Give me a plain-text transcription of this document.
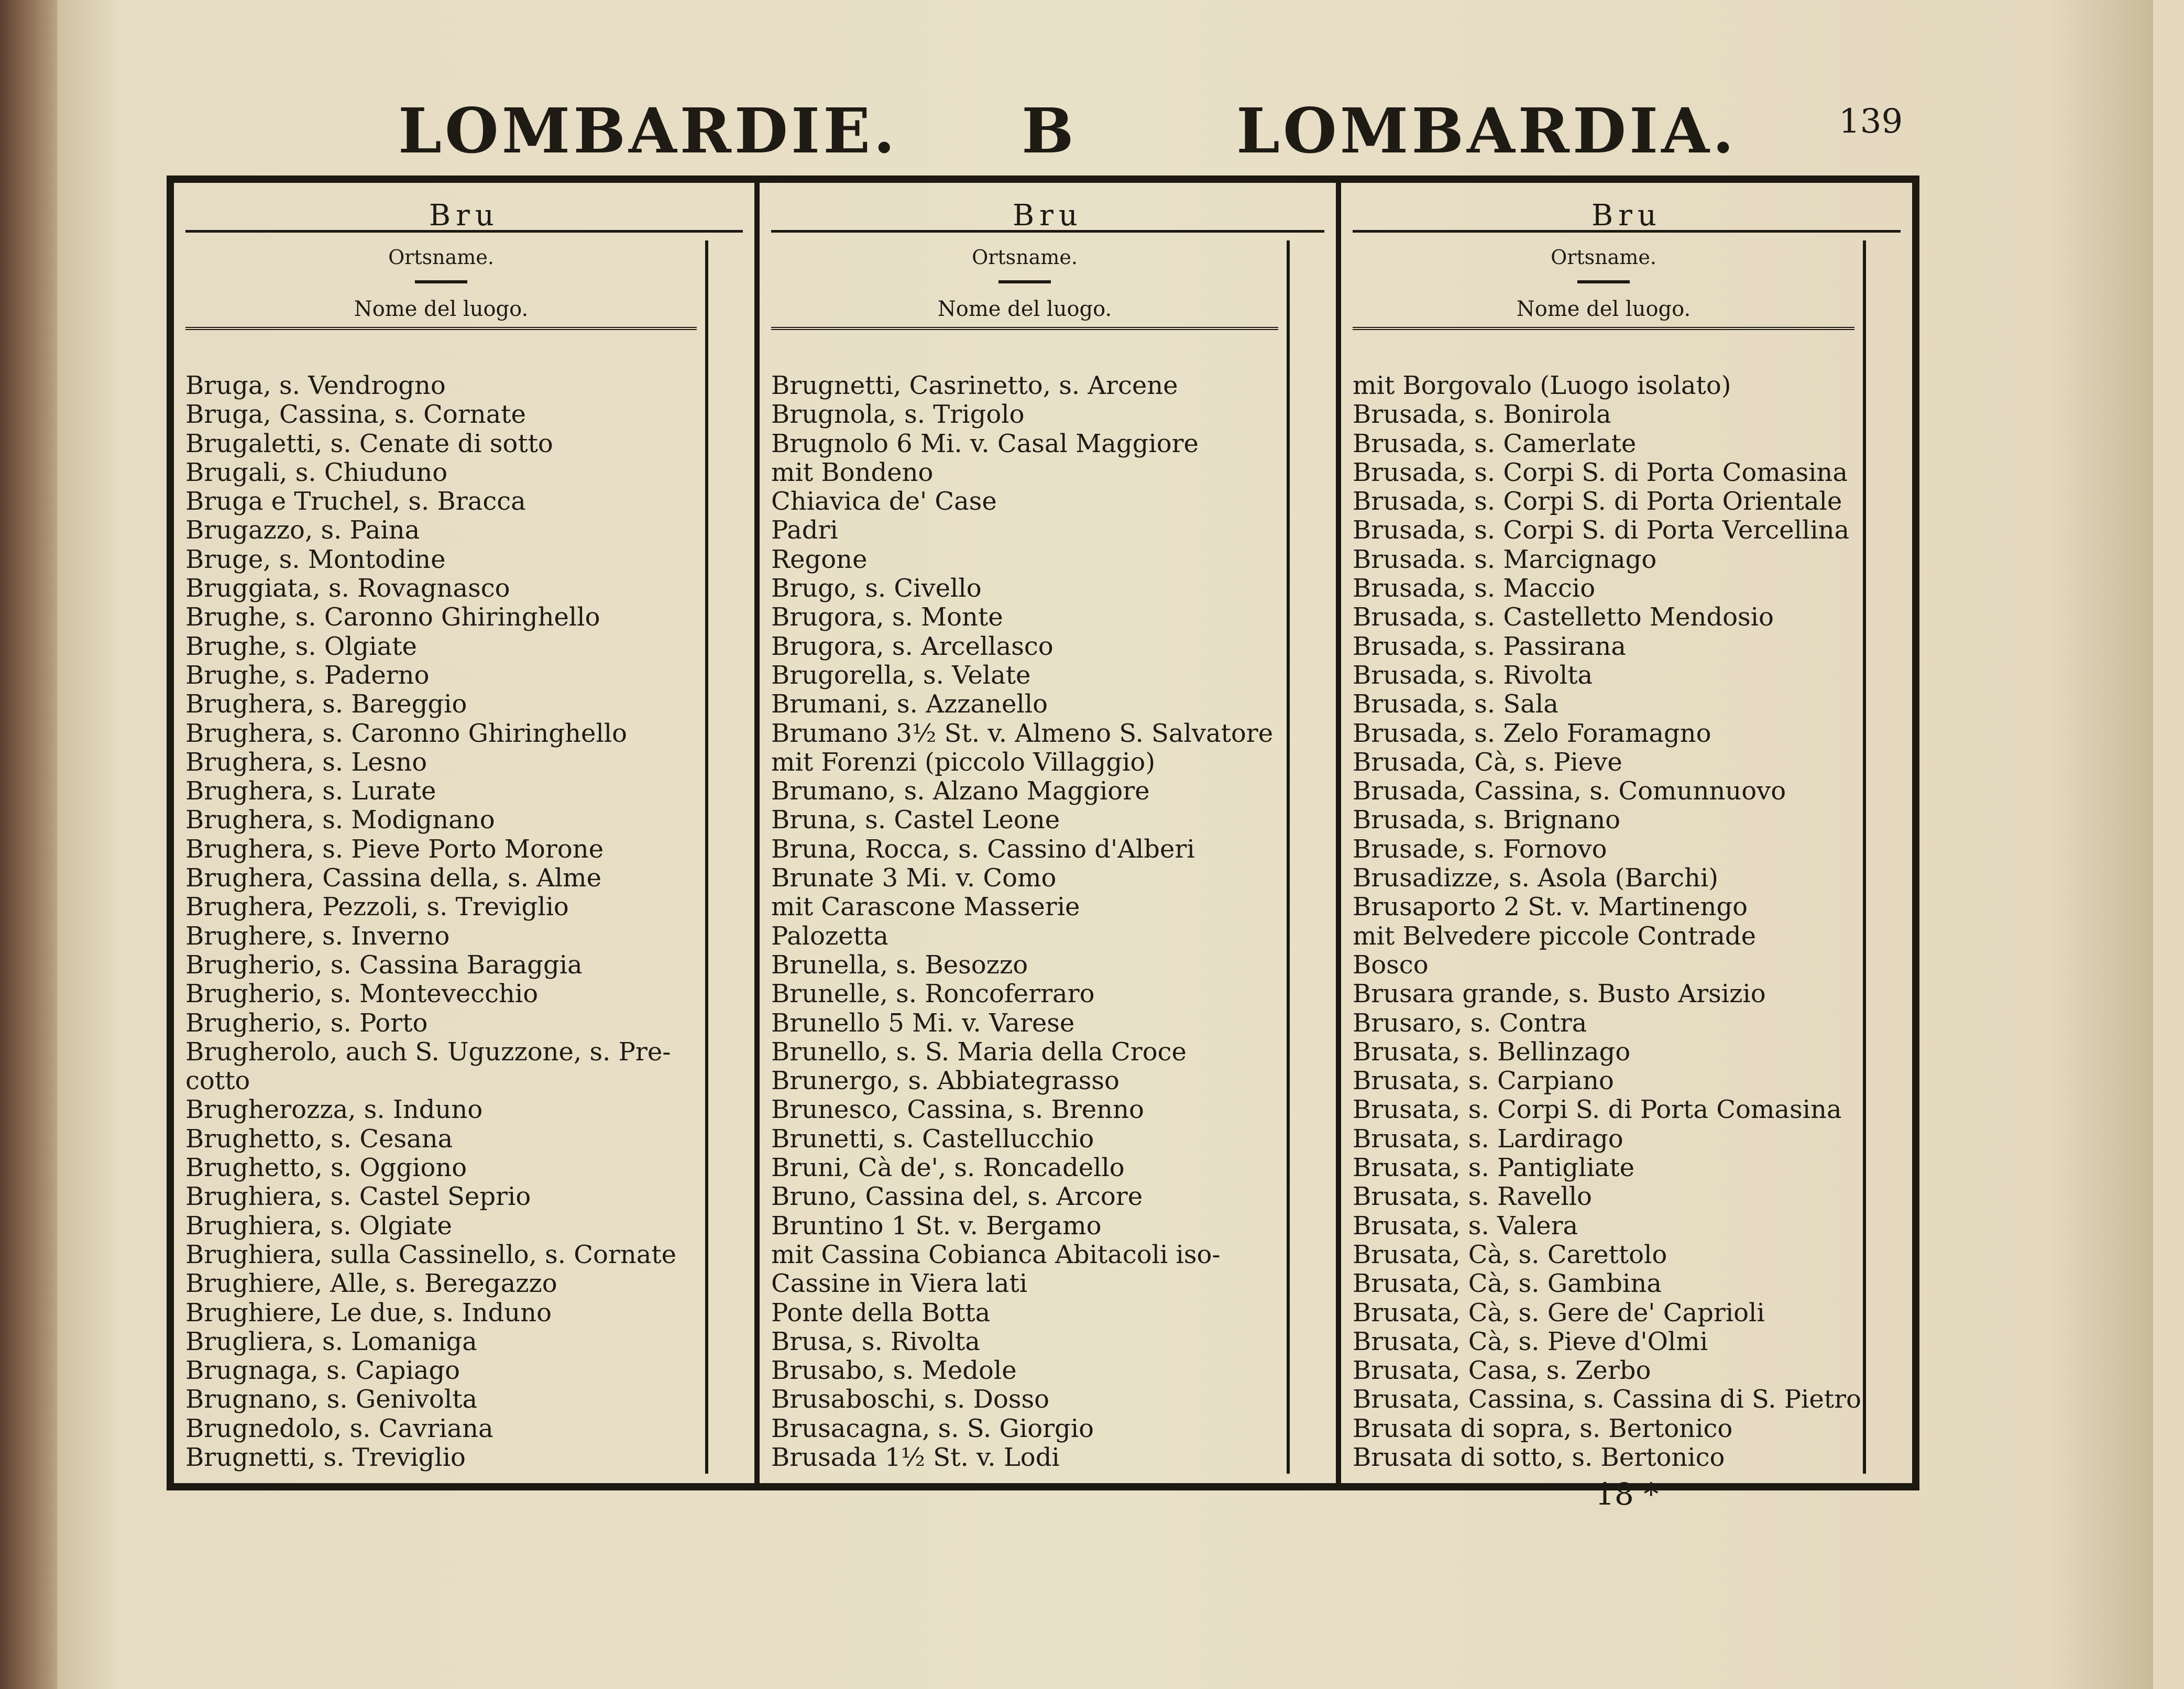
LOMBARDIE. B	LOMBARDIA.	139
Bru
Ortsname.
Nome del luogo.
Bruga, s. Vendrogno
Bruga, Cassina, s. Cornate
Brugaletti, s. Cenate di sotto
Brugali, s. Chiuduno
Bruga e Truchel, s. Bracca
Brugazzo, s. Paina
Bruge, s. Montodine
Bruggiata, s. Rovagnasco
Brughe, s. Caronno Ghiringhello
Brughe, s. Olgiate
Brughe, s. Paderno
Brughera, s. Bareggio
Brughera, s. Caronno Ghiringhello
Brughera, s. Lesno
Brughera, s. Lurate
Brughera, s. Modignano
Brughera, s. Pieve Porto Morone
Brughera, Cassina della, s. Alme
Brughera, Pezzoli, s. Treviglio
Brughere, s. Inverno
Brugherio, s. Cassina Baraggia
Brugherio, s. Montevecchio
Brugherio, s. Porto
Brugherolo, auch S. Uguzzone, s. Pre-
cotto
Brugherozza, s. Induno
Brughetto, s. Cesana
Brughetto, s. Oggiono
Brughiera, s. Castel Seprio
Brughiera, s. Olgiate
Brughiera, sulla Cassinello, s. Cornate
Brughiere, Alle, s. Beregazzo
Brughiere, Le due, s. Induno
Brugliera, s. Lomaniga
Brugnaga, s. Capiago
Brugnano, s. Genivolta
Brugnedolo, s. Cavriana
Brugnetti, s. Treviglio
Bru
Ortsname.
Nome del luogo.
Brugnetti, Casrinetto, s. Arcene
Brugnola, s. Trigolo
Brugnolo 6 Mi. v. Casal Maggiore
mit Bondeno
Chiavica de' Case
Padri
Regone
Brugo, s. Civello
Brugora, s. Monte
Brugora, s. Arcellasco
Brugorella, s. Velate
Brumani, s. Azzanello
Brumano 3½ St. v. Almeno S. Salvatore
mit Forenzi (piccolo Villaggio)
Brumano, s. Alzano Maggiore
Bruna, s. Castel Leone
Bruna, Rocca, s. Cassino d'Alberi
Brunate 3 Mi. v. Como
mit Carascone Masserie
Palozetta
Brunella, s. Besozzo
Brunelle, s. Roncoferraro
Brunello 5 Mi. v. Varese
Brunello, s. S. Maria della Croce
Brunergo, s. Abbiategrasso
Brunesco, Cassina, s. Brenno
Brunetti, s. Castellucchio
Bruni, Cà de', s. Roncadello
Bruno, Cassina del, s. Arcore
Bruntino 1 St. v. Bergamo
mit Cassina Cobianca Abitacoli iso-
Cassine in Viera lati
Ponte della Botta
Brusa, s. Rivolta
Brusabo, s. Medole
Brusaboschi, s. Dosso
Brusacagna, s. S. Giorgio
Brusada 1½ St. v. Lodi
Bru
Ortsname.
Nome del luogo.
mit Borgovalo (Luogo isolato)
Brusada, s. Bonirola
Brusada, s. Camerlate
Brusada, s. Corpi S. di Porta Comasina
Brusada, s. Corpi S. di Porta Orientale
Brusada, s. Corpi S. di Porta Vercellina
Brusada. s. Marcignago
Brusada, s. Maccio
Brusada, s. Castelletto Mendosio
Brusada, s. Passirana
Brusada, s. Rivolta
Brusada, s. Sala
Brusada, s. Zelo Foramagno
Brusada, Cà, s. Pieve
Brusada, Cassina, s. Comunnuovo
Brusada, s. Brignano
Brusade, s. Fornovo
Brusadizze, s. Asola (Barchi)
Brusaporto 2 St. v. Martinengo
mit Belvedere piccole Contrade
Bosco
Brusara grande, s. Busto Arsizio
Brusaro, s. Contra
Brusata, s. Bellinzago
Brusata, s. Carpiano
Brusata, s. Corpi S. di Porta Comasina
Brusata, s. Lardirago
Brusata, s. Pantigliate
Brusata, s. Ravello
Brusata, s. Valera
Brusata, Cà, s. Carettolo
Brusata, Cà, s. Gambina
Brusata, Cà, s. Gere de' Caprioli
Brusata, Cà, s. Pieve d'Olmi
Brusata, Casa, s. Zerbo
Brusata, Cassina, s. Cassina di S. Pietro
Brusata di sopra, s. Bertonico
Brusata di sotto, s. Bertonico
18 *
